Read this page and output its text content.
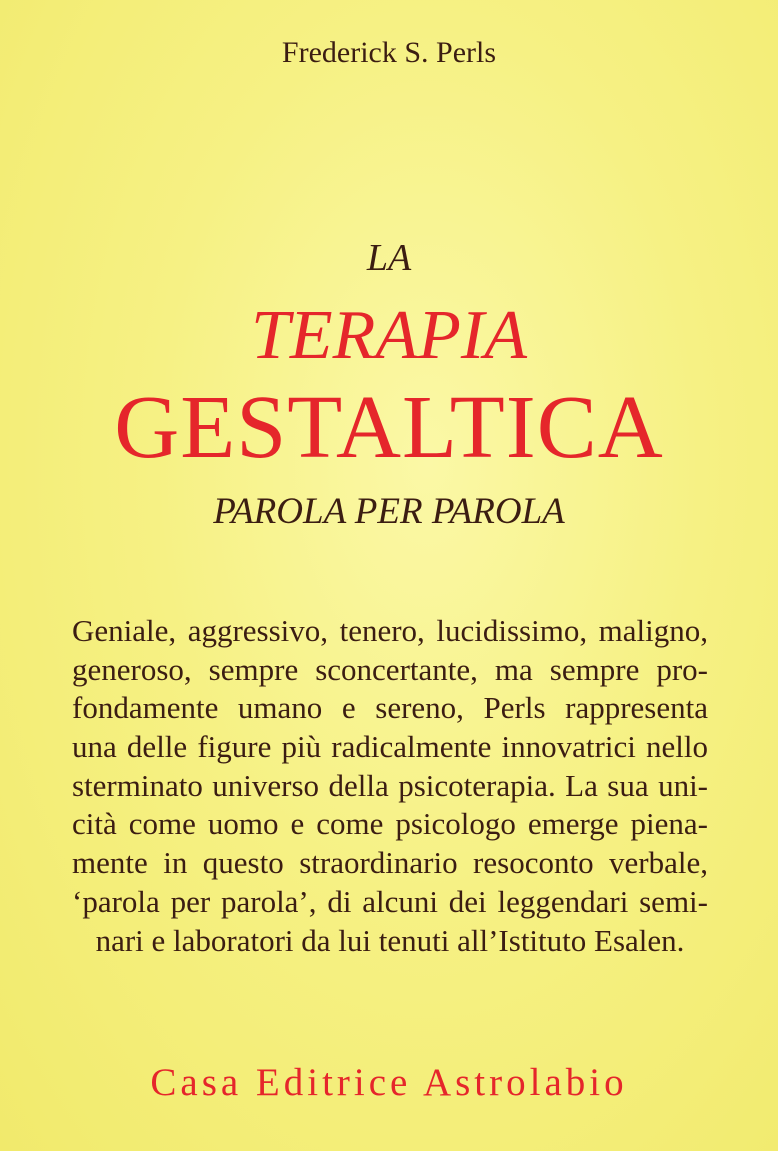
Frederick S. Perls
LA
TERAPIA
GESTALTICA
PAROLA PER PAROLA
Geniale, aggressivo, tenero, lucidissimo, maligno,
generoso, sempre sconcertante, ma sempre pro-
fondamente umano e sereno, Perls rappresenta
una delle figure più radicalmente innovatrici nello
sterminato universo della psicoterapia. La sua uni-
cità come uomo e come psicologo emerge piena-
mente in questo straordinario resoconto verbale,
‘parola per parola’, di alcuni dei leggendari semi-
nari e laboratori da lui tenuti all’Istituto Esalen.
Casa Editrice Astrolabio
